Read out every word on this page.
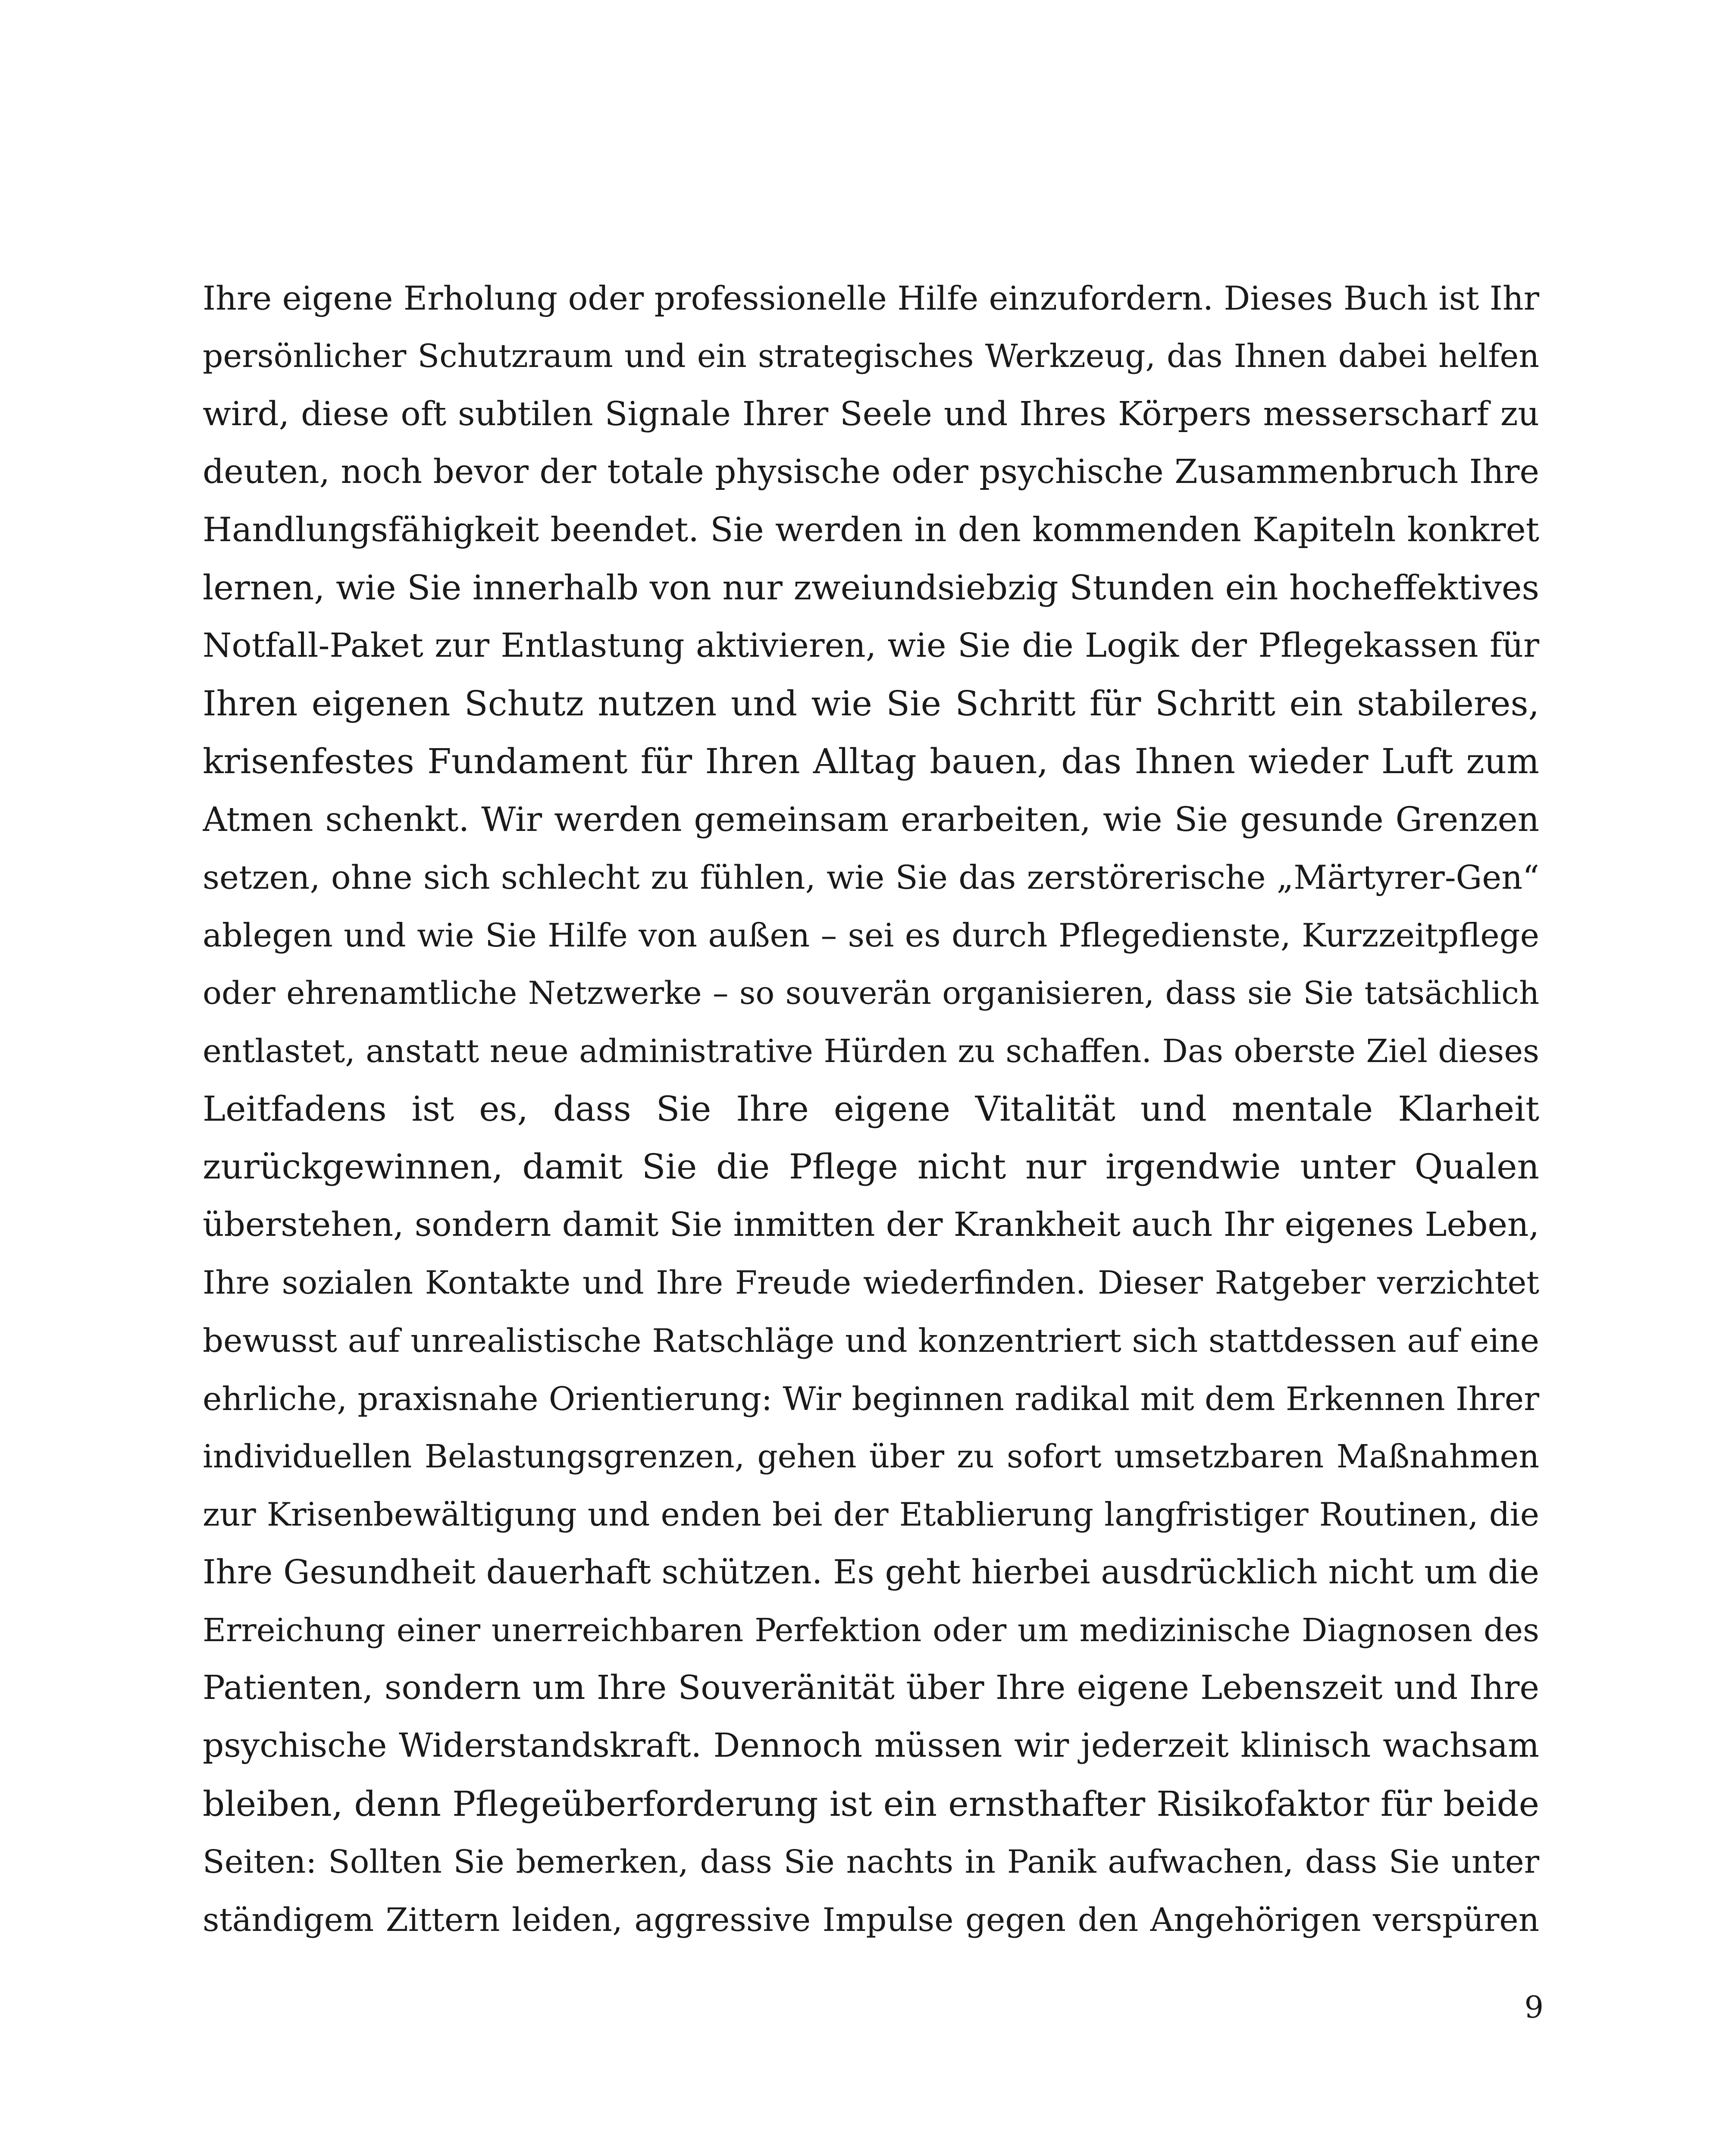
Ihre eigene Erholung oder professionelle Hilfe einzufordern. Dieses Buch ist Ihr
persönlicher Schutzraum und ein strategisches Werkzeug, das Ihnen dabei helfen
wird, diese oft subtilen Signale Ihrer Seele und Ihres Körpers messerscharf zu
deuten, noch bevor der totale physische oder psychische Zusammenbruch Ihre
Handlungsfähigkeit beendet. Sie werden in den kommenden Kapiteln konkret
lernen, wie Sie innerhalb von nur zweiundsiebzig Stunden ein hocheffektives
Notfall-Paket zur Entlastung aktivieren, wie Sie die Logik der Pflegekassen für
Ihren eigenen Schutz nutzen und wie Sie Schritt für Schritt ein stabileres,
krisenfestes Fundament für Ihren Alltag bauen, das Ihnen wieder Luft zum
Atmen schenkt. Wir werden gemeinsam erarbeiten, wie Sie gesunde Grenzen
setzen, ohne sich schlecht zu fühlen, wie Sie das zerstörerische „Märtyrer-Gen“
ablegen und wie Sie Hilfe von außen – sei es durch Pflegedienste, Kurzzeitpflege
oder ehrenamtliche Netzwerke – so souverän organisieren, dass sie Sie tatsächlich
entlastet, anstatt neue administrative Hürden zu schaffen. Das oberste Ziel dieses
Leitfadens ist es, dass Sie Ihre eigene Vitalität und mentale Klarheit
zurückgewinnen, damit Sie die Pflege nicht nur irgendwie unter Qualen
überstehen, sondern damit Sie inmitten der Krankheit auch Ihr eigenes Leben,
Ihre sozialen Kontakte und Ihre Freude wiederfinden. Dieser Ratgeber verzichtet
bewusst auf unrealistische Ratschläge und konzentriert sich stattdessen auf eine
ehrliche, praxisnahe Orientierung: Wir beginnen radikal mit dem Erkennen Ihrer
individuellen Belastungsgrenzen, gehen über zu sofort umsetzbaren Maßnahmen
zur Krisenbewältigung und enden bei der Etablierung langfristiger Routinen, die
Ihre Gesundheit dauerhaft schützen. Es geht hierbei ausdrücklich nicht um die
Erreichung einer unerreichbaren Perfektion oder um medizinische Diagnosen des
Patienten, sondern um Ihre Souveränität über Ihre eigene Lebenszeit und Ihre
psychische Widerstandskraft. Dennoch müssen wir jederzeit klinisch wachsam
bleiben, denn Pflegeüberforderung ist ein ernsthafter Risikofaktor für beide
Seiten: Sollten Sie bemerken, dass Sie nachts in Panik aufwachen, dass Sie unter
ständigem Zittern leiden, aggressive Impulse gegen den Angehörigen verspüren
9
